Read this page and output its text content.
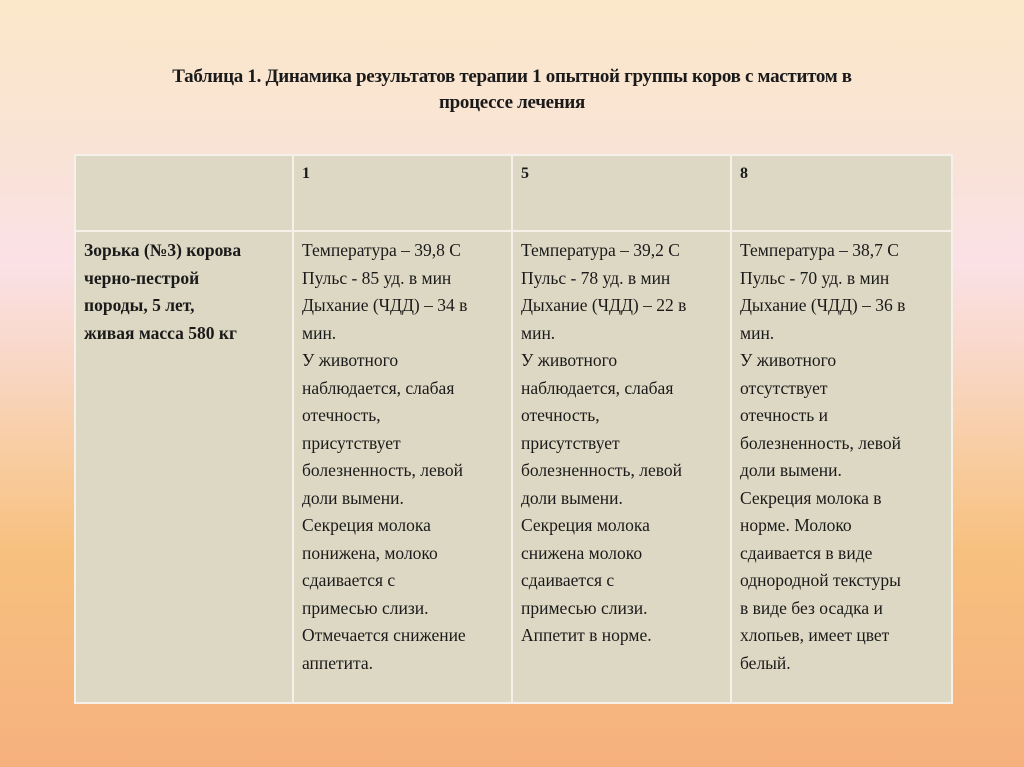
Таблица 1. Динамика результатов терапии 1 опытной группы коров с маститом в
процессе лечения
	1	5	8

Зорька (№3) корова
черно-пестрой
породы, 5 лет,
живая масса 580 кг

Температура – 39,8 С
Пульс - 85 уд. в мин
Дыхание (ЧДД) – 34 в
мин.
У животного
наблюдается, слабая
отечность,
присутствует
болезненность, левой
доли вымени.
Секреция молока
понижена, молоко
сдаивается с
примесью слизи.
Отмечается снижение
аппетита.

Температура – 39,2 С
Пульс - 78 уд. в мин
Дыхание (ЧДД) – 22 в
мин.
У животного
наблюдается, слабая
отечность,
присутствует
болезненность, левой
доли вымени.
Секреция молока
снижена молоко
сдаивается с
примесью слизи.
Аппетит в норме.

Температура – 38,7 С
Пульс - 70 уд. в мин
Дыхание (ЧДД) – 36 в
мин.
У животного
отсутствует
отечность и
болезненность, левой
доли вымени.
Секреция молока в
норме. Молоко
сдаивается в виде
однородной текстуры
в виде без осадка и
хлопьев, имеет цвет
белый.
